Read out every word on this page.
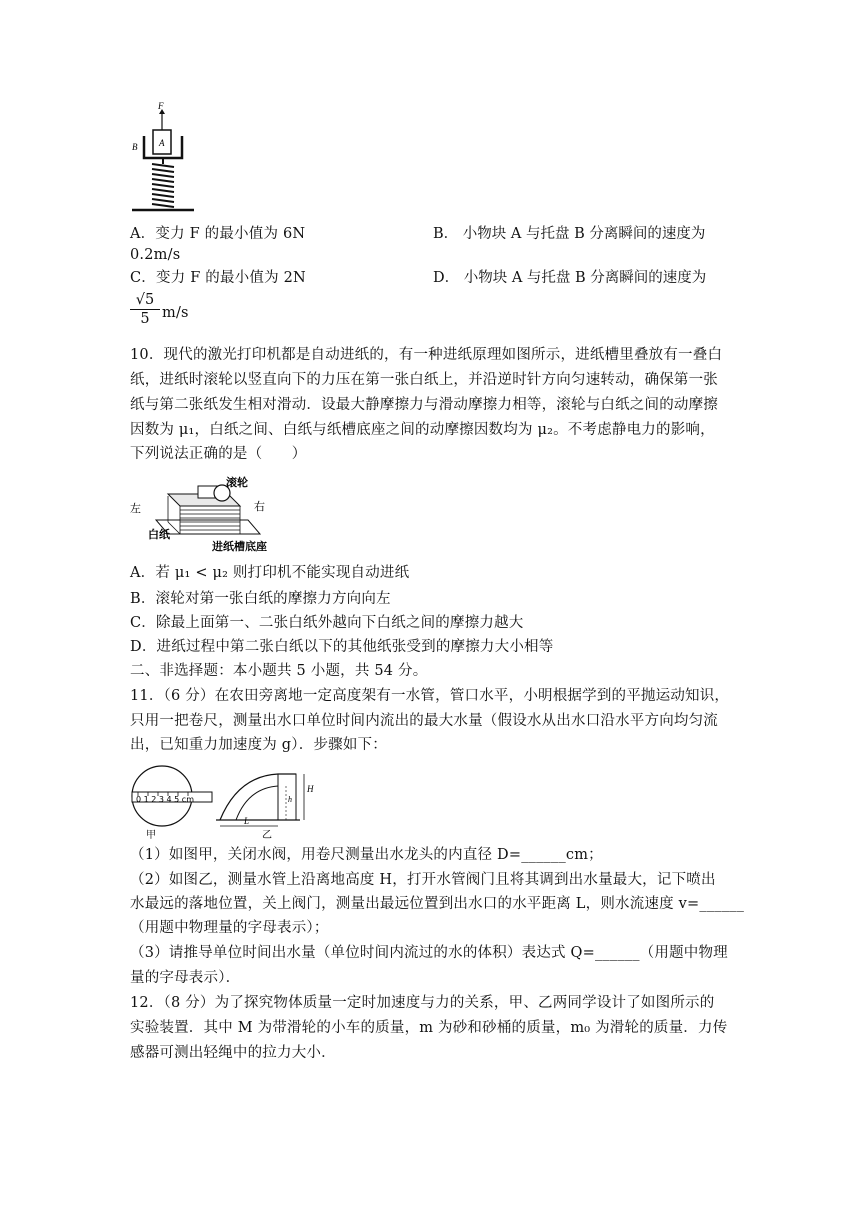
F
A
B
A．变力 F 的最小值为 6N	B． 小物块 A 与托盘 B 分离瞬间的速度为
0.2m/s
C．变力 F 的最小值为 2N	D． 小物块 A 与托盘 B 分离瞬间的速度为
$\frac{√5}{5} m/s$
10．现代的激光打印机都是自动进纸的，有一种进纸原理如图所示，进纸槽里叠放有一叠白
纸，进纸时滚轮以竖直向下的力压在第一张白纸上，并沿逆时针方向匀速转动，确保第一张
纸与第二张纸发生相对滑动．设最大静摩擦力与滑动摩擦力相等，滚轮与白纸之间的动摩擦
因数为 μ₁，白纸之间、白纸与纸槽底座之间的动摩擦因数均为 μ₂。不考虑静电力的影响，
下列说法正确的是（　　）
滚轮
左	右
白纸
进纸槽底座
A．若 μ₁ < μ₂ 则打印机不能实现自动进纸
B．滚轮对第一张白纸的摩擦力方向向左
C．除最上面第一、二张白纸外越向下白纸之间的摩擦力越大
D．进纸过程中第二张白纸以下的其他纸张受到的摩擦力大小相等
二、非选择题：本小题共 5 小题，共 54 分。
11．（6 分）在农田旁离地一定高度架有一水管，管口水平，小明根据学到的平抛运动知识，
只用一把卷尺，测量出水口单位时间内流出的最大水量（假设水从出水口沿水平方向均匀流
出，已知重力加速度为 g）．步骤如下：
0 1 2 3 4 5 cm
甲
h
H
L
乙
（1）如图甲，关闭水阀，用卷尺测量出水龙头的内直径 D=______cm；
（2）如图乙，测量水管上沿离地高度 H，打开水管阀门且将其调到出水量最大，记下喷出
水最远的落地位置，关上阀门，测量出最远位置到出水口的水平距离 L，则水流速度 v=______
（用题中物理量的字母表示）；
（3）请推导单位时间出水量（单位时间内流过的水的体积）表达式 Q=______（用题中物理
量的字母表示）．
12．（8 分）为了探究物体质量一定时加速度与力的关系，甲、乙两同学设计了如图所示的
实验装置．其中 M 为带滑轮的小车的质量，m 为砂和砂桶的质量，m₀ 为滑轮的质量．力传
感器可测出轻绳中的拉力大小．
